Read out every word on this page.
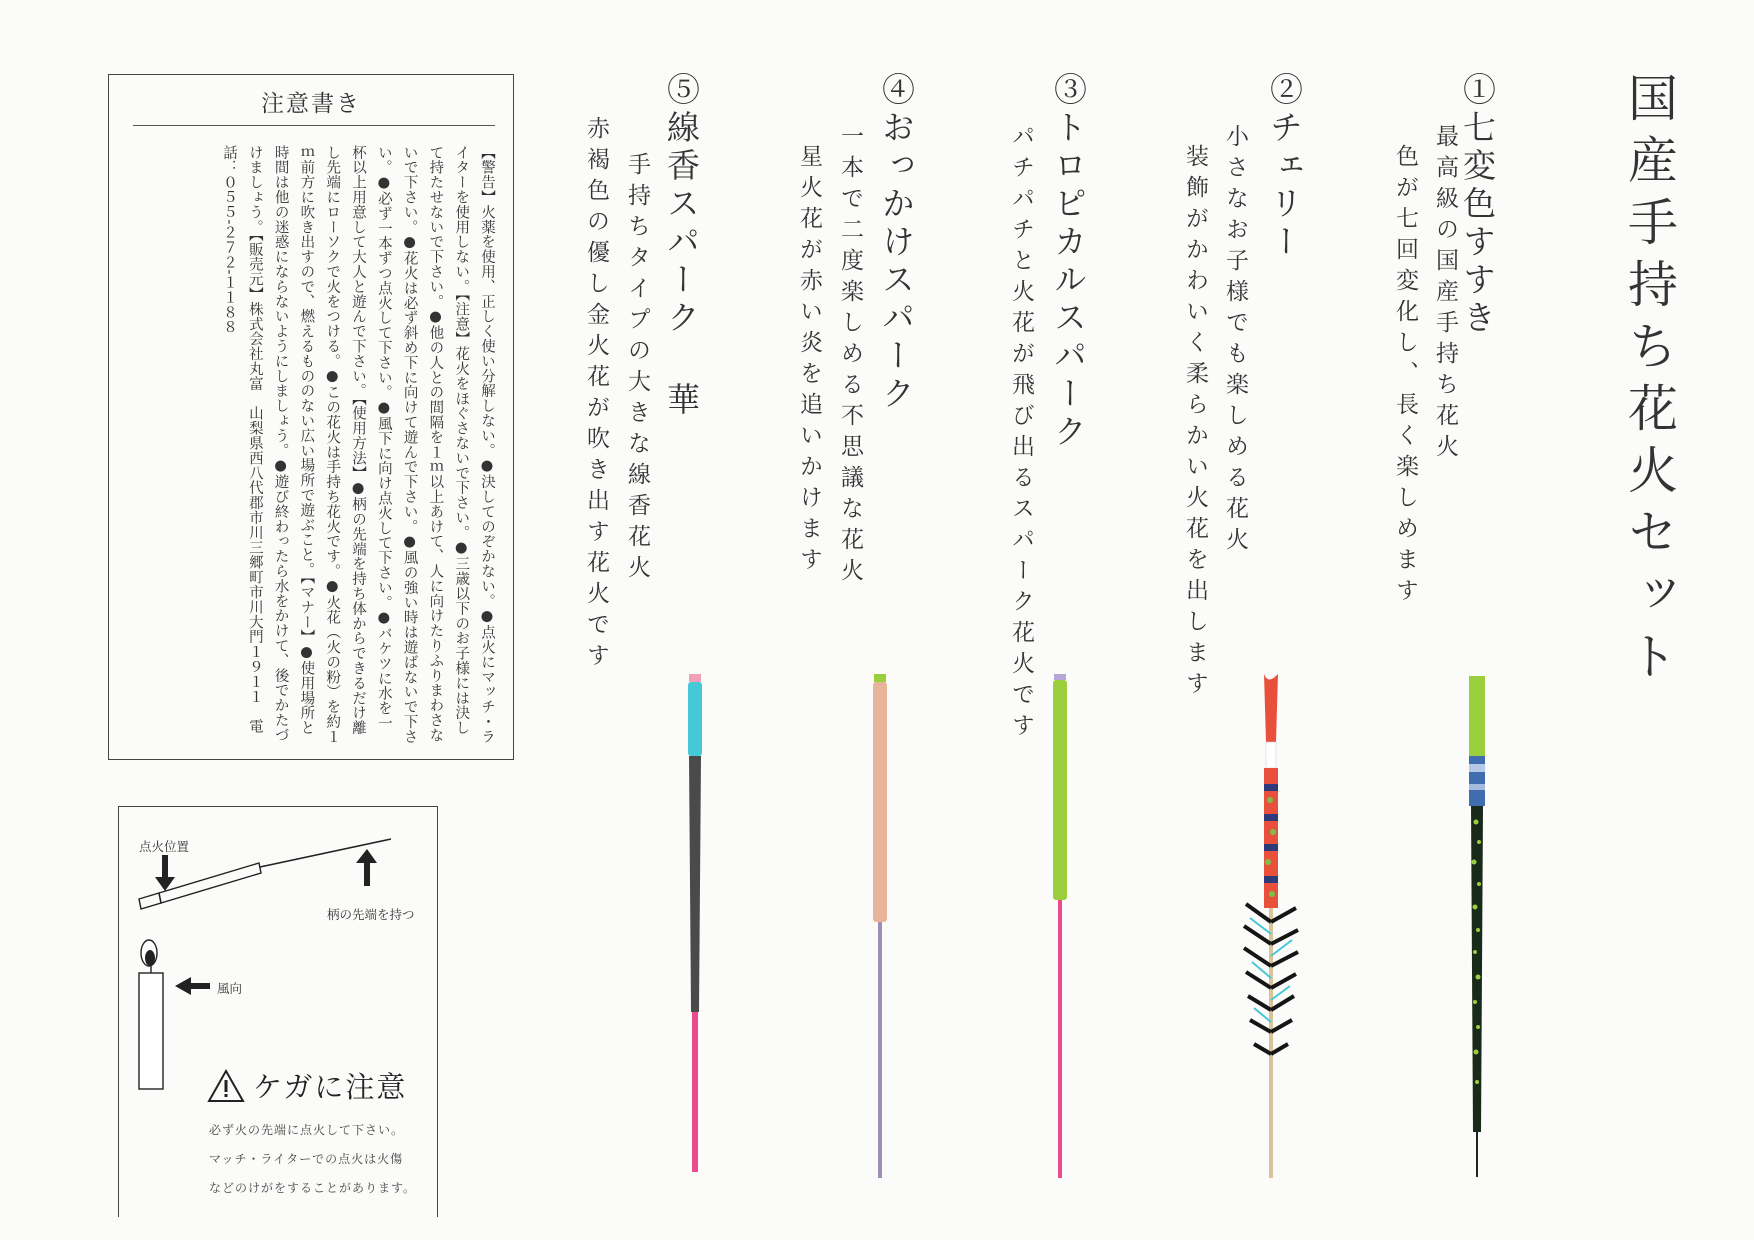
国産手持ち花火セット
①七変色すすき
最高級の国産手持ち花火
色が七回変化し、長く楽しめます
②チェリー
小さなお子様でも楽しめる花火
装飾がかわいく柔らかい火花を出します
③トロピカルスパーク
パチパチと火花が飛び出るスパーク花火です
④おっかけスパーク
一本で二度楽しめる不思議な花火
星火花が赤い炎を追いかけます
⑤線香スパーク 華
手持ちタイプの大きな線香花火
赤褐色の優し金火花が吹き出す花火です
注意書き
【警告】火薬を使用、正しく使い分解しない。●決してのぞかない。●点火にマッチ・ライターを使用しない。【注意】花火をほぐさないで下さい。●三歳以下のお子様には決して持たせないで下さい。●他の人との間隔を１ｍ以上あけて、人に向けたりふりまわさないで下さい。●花火は必ず斜め下に向けて遊んで下さい。●風の強い時は遊ばないで下さい。●必ず一本ずつ点火して下さい。●風下に向け点火して下さい。●バケツに水を一杯以上用意して大人と遊んで下さい。【使用方法】●柄の先端を持ち体からできるだけ離し先端にローソクで火をつける。●この花火は手持ち花火です。●火花（火の粉）を約１ｍ前方に吹き出すので、燃えるもののない広い場所で遊ぶこと。【マナー】●使用場所と時間は他の迷惑にならないようにしましょう。●遊び終わったら水をかけて、後でかたづけましょう。【販売元】株式会社丸富　山梨県西八代郡市川三郷町市川大門１９１１　電話：０５５-２７２-１１８８
点火位置
柄の先端を持つ
風向
ケガに注意
必ず火の先端に点火して下さい。
マッチ・ライターでの点火は火傷
などのけがをすることがあります。
